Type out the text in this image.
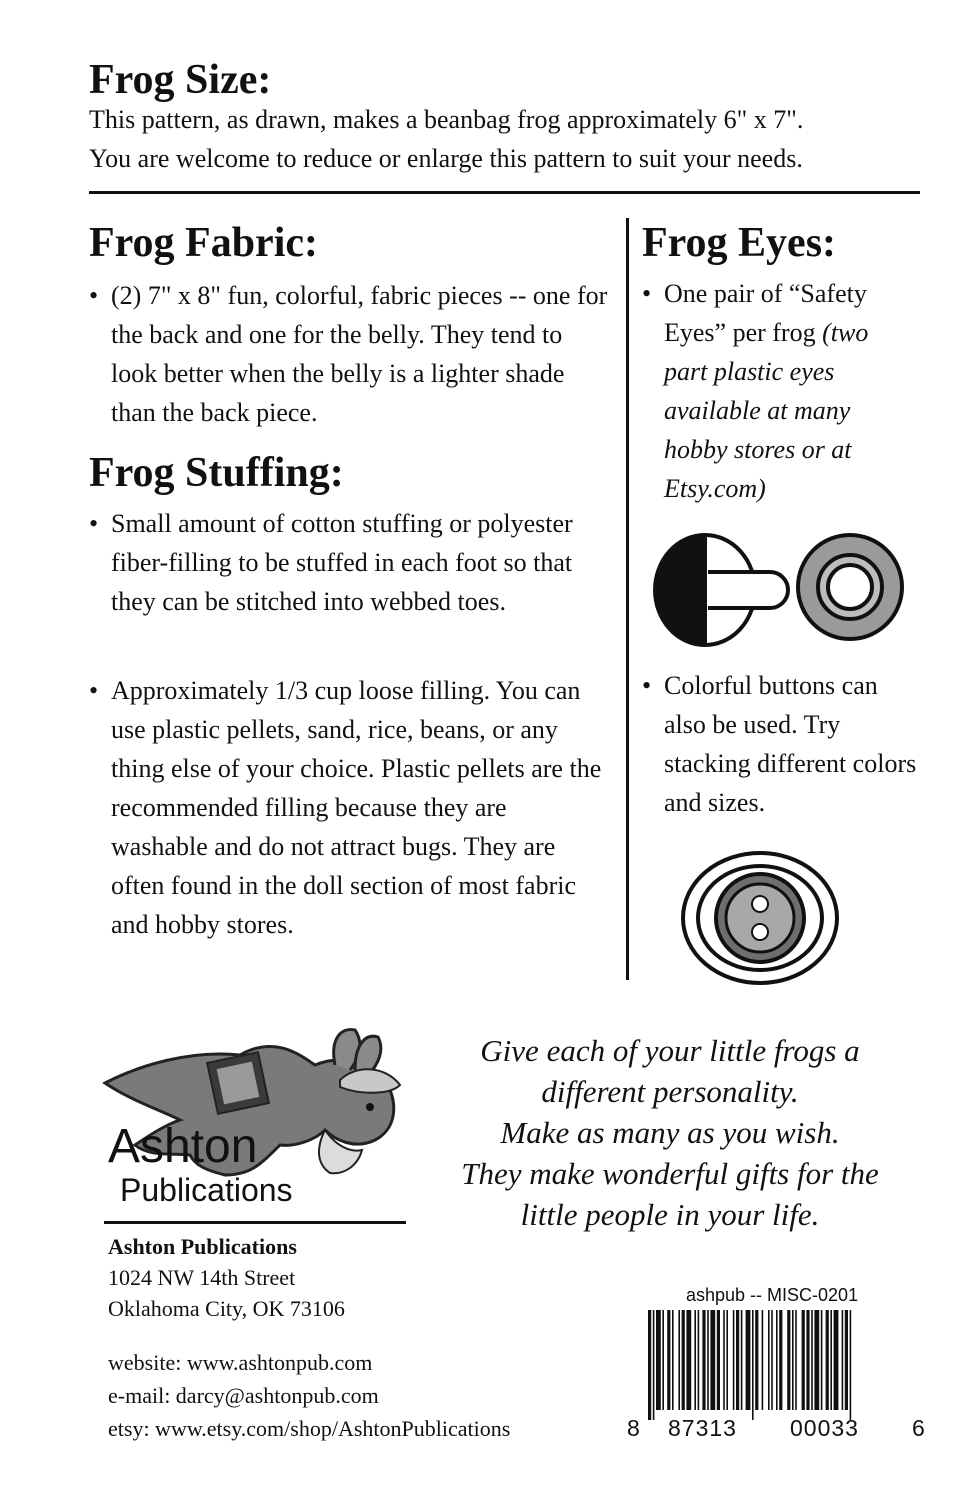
Frog Size:
This pattern, as drawn, makes a beanbag frog approximately 6" x 7".
You are welcome to reduce or enlarge this pattern to suit your needs.
Frog Fabric:
• (2) 7" x 8" fun, colorful, fabric pieces -- one for the back and one for the belly. They tend to look better when the belly is a lighter shade than the back piece.
Frog Stuffing:
• Small amount of cotton stuffing or polyester fiber-filling to be stuffed in each foot so that they can be stitched into webbed toes.
• Approximately 1/3 cup loose filling. You can use plastic pellets, sand, rice, beans, or any thing else of your choice. Plastic pellets are the recommended filling because they are washable and do not attract bugs. They are often found in the doll section of most fabric and hobby stores.
Frog Eyes:
• One pair of “Safety Eyes” per frog (two part plastic eyes available at many hobby stores or at Etsy.com)
• Colorful buttons can also be used. Try stacking different colors and sizes.
Ashton
Publications
Give each of your little frogs a
different personality.
Make as many as you wish.
They make wonderful gifts for the
little people in your life.
Ashton Publications
1024 NW 14th Street
Oklahoma City, OK 73106
website: www.ashtonpub.com
e-mail: darcy@ashtonpub.com
etsy: www.etsy.com/shop/AshtonPublications
ashpub -- MISC-0201
8 87313 00033 6
